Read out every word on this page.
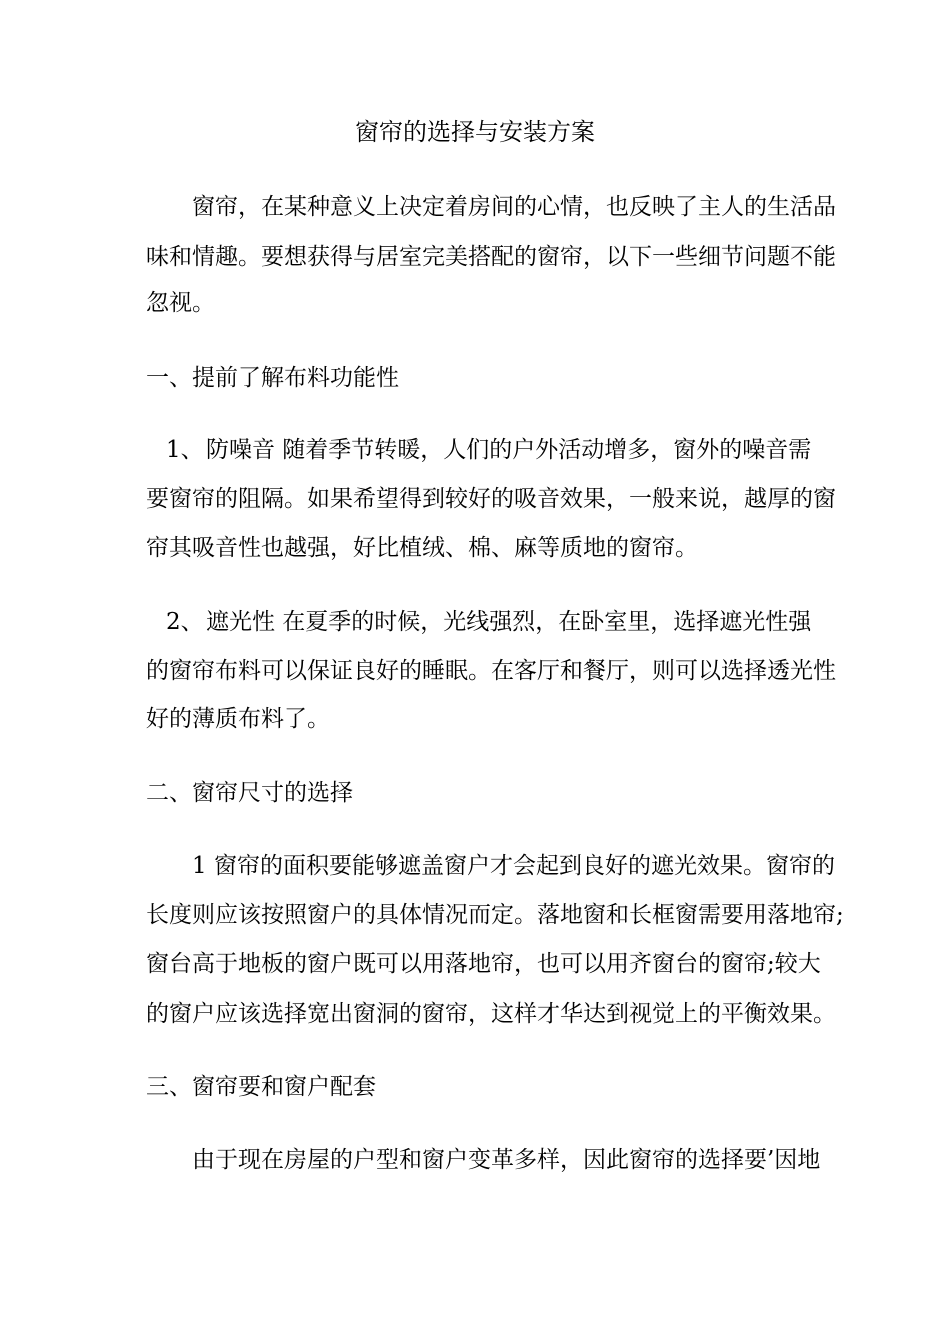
窗帘的选择与安装方案

窗帘，在某种意义上决定着房间的心情，也反映了主人的生活品

味和情趣。要想获得与居室完美搭配的窗帘，以下一些细节问题不能

忽视。

一、提前了解布料功能性

1、 防噪音 随着季节转暖，人们的户外活动增多，窗外的噪音需

要窗帘的阻隔。如果希望得到较好的吸音效果，一般来说，越厚的窗

帘其吸音性也越强，好比植绒、棉、麻等质地的窗帘。

2、 遮光性 在夏季的时候，光线强烈，在卧室里，选择遮光性强

的窗帘布料可以保证良好的睡眠。在客厅和餐厅，则可以选择透光性

好的薄质布料了。

二、窗帘尺寸的选择

1 窗帘的面积要能够遮盖窗户才会起到良好的遮光效果。窗帘的

长度则应该按照窗户的具体情况而定。落地窗和长框窗需要用落地帘;

窗台高于地板的窗户既可以用落地帘，也可以用齐窗台的窗帘;较大

的窗户应该选择宽出窗洞的窗帘，这样才华达到视觉上的平衡效果。

三、窗帘要和窗户配套

由于现在房屋的户型和窗户变革多样，因此窗帘的选择要’因地
